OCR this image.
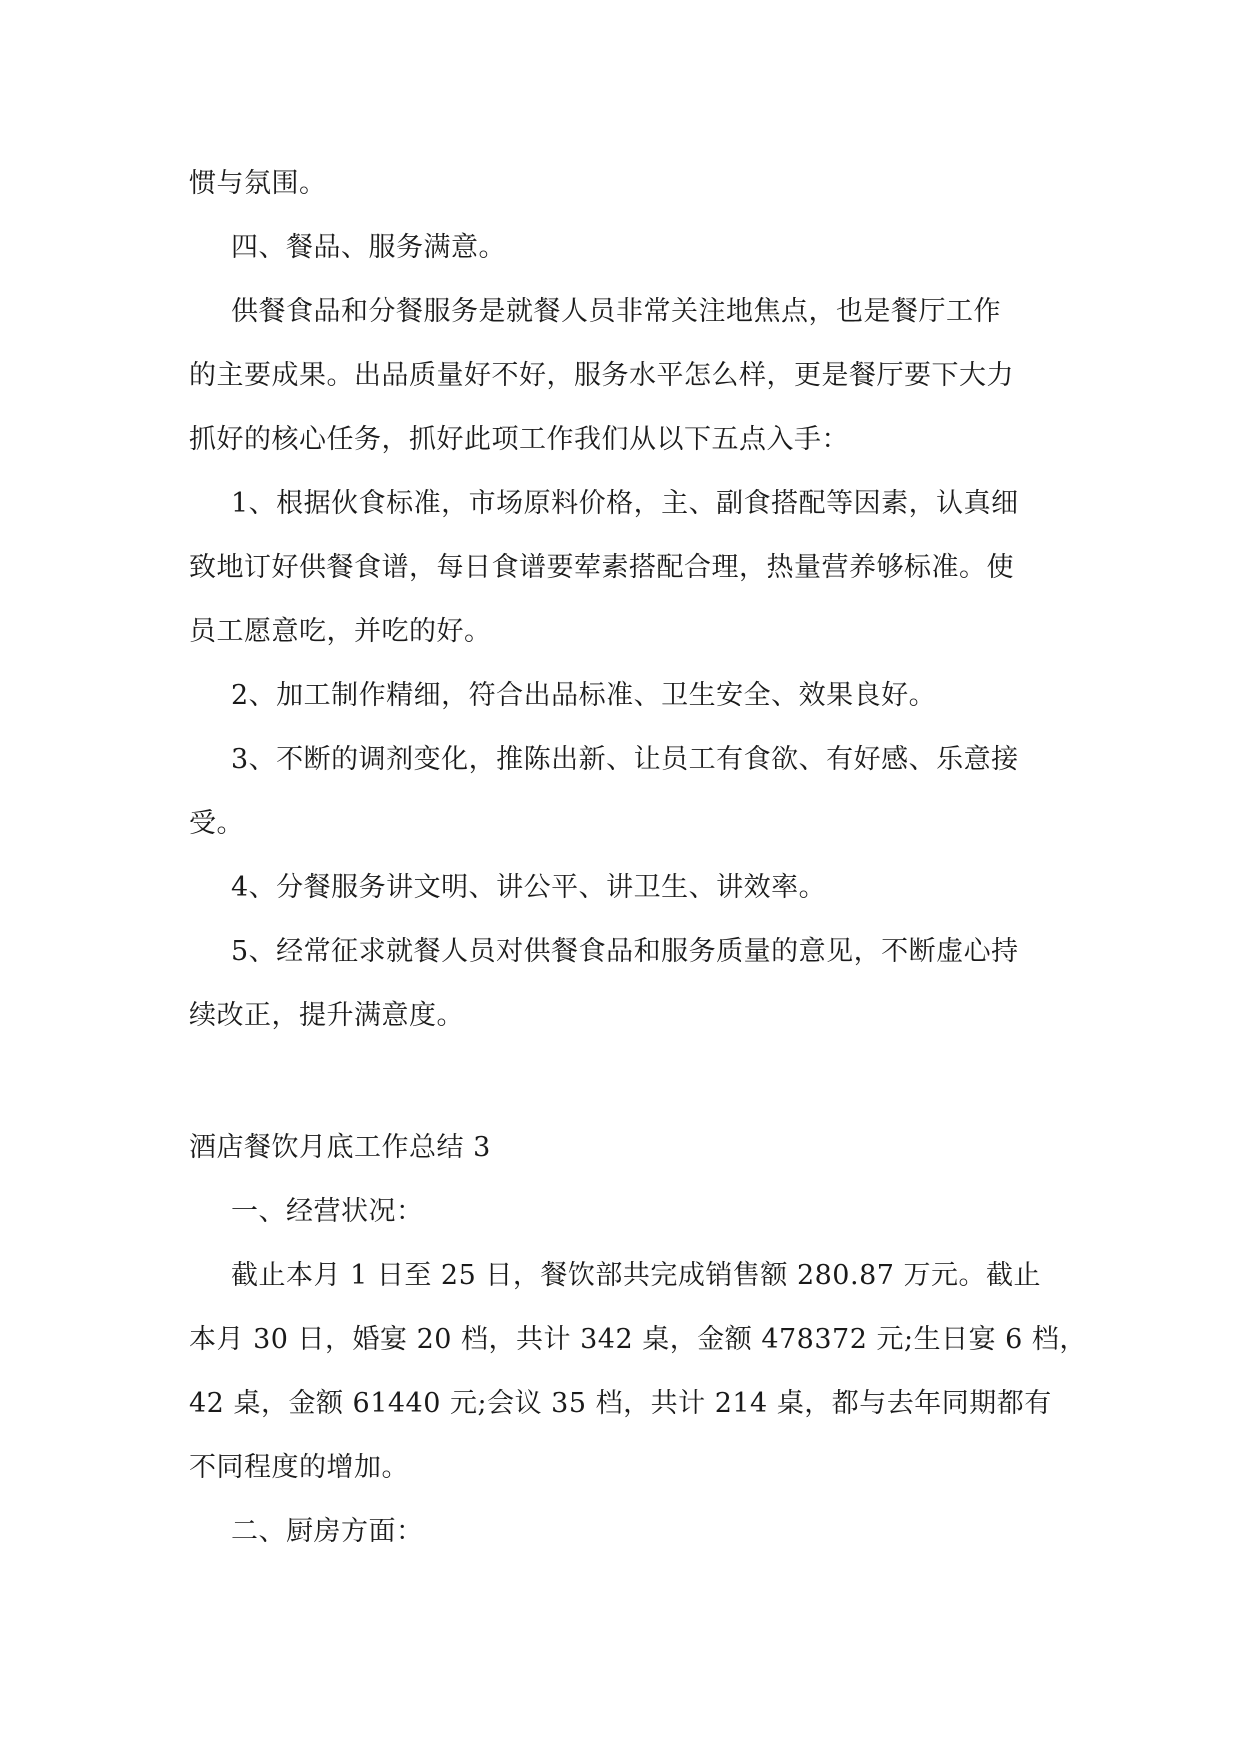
惯与氛围。
四、餐品、服务满意。
供餐食品和分餐服务是就餐人员非常关注地焦点，也是餐厅工作
的主要成果。出品质量好不好，服务水平怎么样，更是餐厅要下大力
抓好的核心任务，抓好此项工作我们从以下五点入手：
1、根据伙食标准，市场原料价格，主、副食搭配等因素，认真细
致地订好供餐食谱，每日食谱要荤素搭配合理，热量营养够标准。使
员工愿意吃，并吃的好。
2、加工制作精细，符合出品标准、卫生安全、效果良好。
3、不断的调剂变化，推陈出新、让员工有食欲、有好感、乐意接
受。
4、分餐服务讲文明、讲公平、讲卫生、讲效率。
5、经常征求就餐人员对供餐食品和服务质量的意见，不断虚心持
续改正，提升满意度。
酒店餐饮月底工作总结 3
一、经营状况：
截止本月 1 日至 25 日，餐饮部共完成销售额 280.87 万元。截止
本月 30 日，婚宴 20 档，共计 342 桌，金额 478372 元;生日宴 6 档，
42 桌，金额 61440 元;会议 35 档，共计 214 桌，都与去年同期都有
不同程度的增加。
二、厨房方面：
